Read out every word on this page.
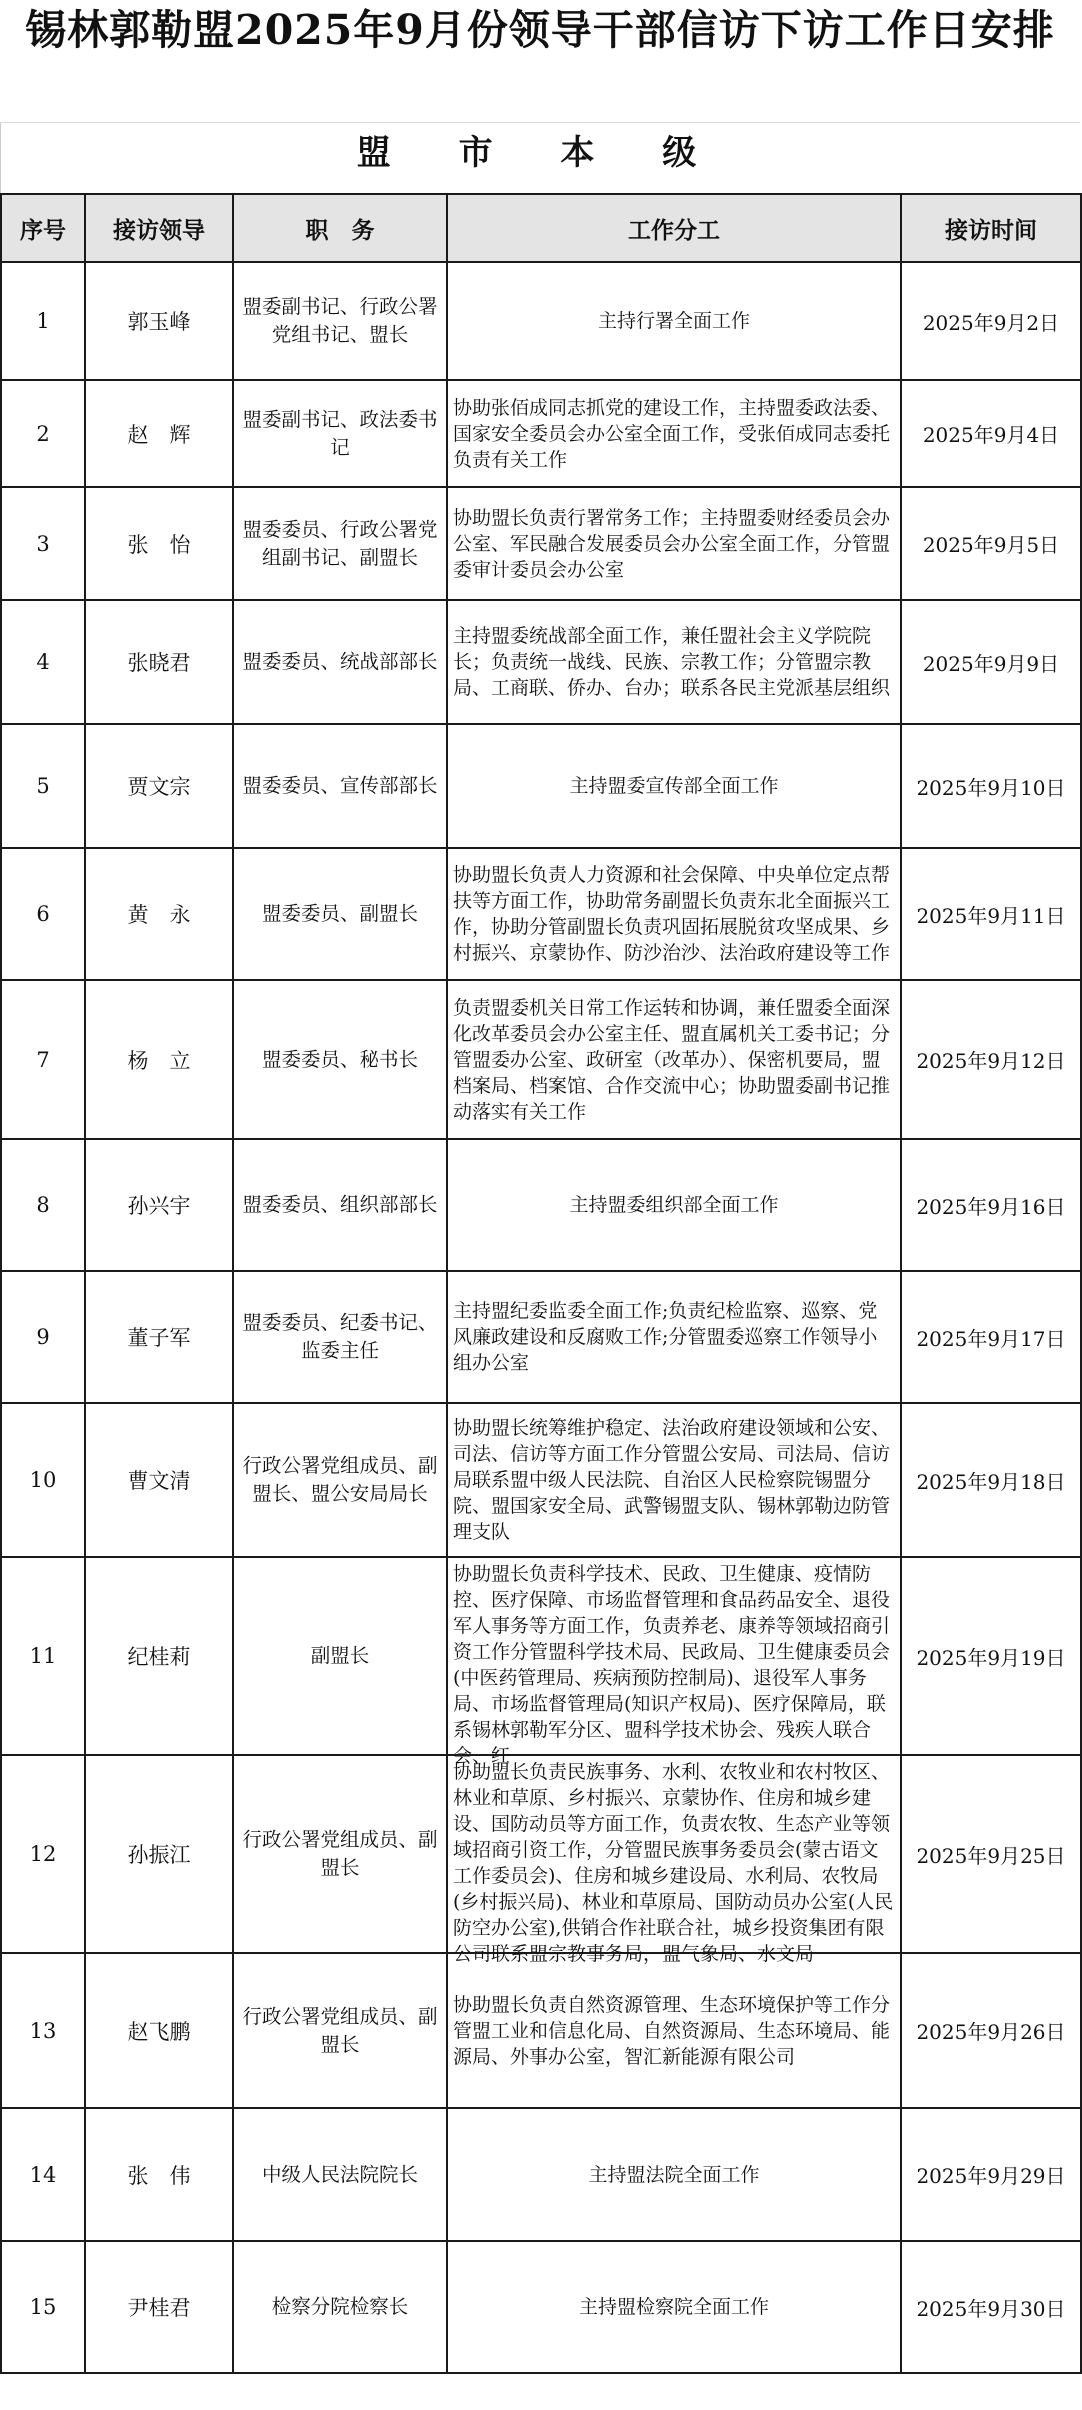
锡林郭勒盟2025年9月份领导干部信访下访工作日安排
盟 市 本 级
序号	接访领导	职　务	工作分工	接访时间

1	郭玉峰	盟委副书记、行政公署党组书记、盟长	主持行署全面工作	2025年9月2日

2	赵　辉	盟委副书记、政法委书记	协助张佰成同志抓党的建设工作，主持盟委政法委、国家安全委员会办公室全面工作，受张佰成同志委托负责有关工作	2025年9月4日

3	张　怡	盟委委员、行政公署党组副书记、副盟长	协助盟长负责行署常务工作；主持盟委财经委员会办公室、军民融合发展委员会办公室全面工作，分管盟委审计委员会办公室	2025年9月5日

4	张晓君	盟委委员、统战部部长	主持盟委统战部全面工作，兼任盟社会主义学院院长；负责统一战线、民族、宗教工作；分管盟宗教局、工商联、侨办、台办；联系各民主党派基层组织	2025年9月9日

5	贾文宗	盟委委员、宣传部部长	主持盟委宣传部全面工作	2025年9月10日

6	黄　永	盟委委员、副盟长	协助盟长负责人力资源和社会保障、中央单位定点帮扶等方面工作，协助常务副盟长负责东北全面振兴工作，协助分管副盟长负责巩固拓展脱贫攻坚成果、乡村振兴、京蒙协作、防沙治沙、法治政府建设等工作	2025年9月11日

7	杨　立	盟委委员、秘书长	负责盟委机关日常工作运转和协调，兼任盟委全面深化改革委员会办公室主任、盟直属机关工委书记；分管盟委办公室、政研室（改革办）、保密机要局，盟档案局、档案馆、合作交流中心；协助盟委副书记推动落实有关工作	2025年9月12日

8	孙兴宇	盟委委员、组织部部长	主持盟委组织部全面工作	2025年9月16日

9	董子军	盟委委员、纪委书记、监委主任	主持盟纪委监委全面工作;负责纪检监察、巡察、党风廉政建设和反腐败工作;分管盟委巡察工作领导小组办公室	2025年9月17日

10	曹文清	行政公署党组成员、副盟长、盟公安局局长	协助盟长统筹维护稳定、法治政府建设领域和公安、司法、信访等方面工作分管盟公安局、司法局、信访局联系盟中级人民法院、自治区人民检察院锡盟分院、盟国家安全局、武警锡盟支队、锡林郭勒边防管理支队	2025年9月18日

11	纪桂莉	副盟长	协助盟长负责科学技术、民政、卫生健康、疫情防控、医疗保障、市场监督管理和食品药品安全、退役军人事务等方面工作，负责养老、康养等领域招商引资工作分管盟科学技术局、民政局、卫生健康委员会(中医药管理局、疾病预防控制局)、退役军人事务局、市场监督管理局(知识产权局)、医疗保障局，联系锡林郭勒军分区、盟科学技术协会、残疾人联合会、红	2025年9月19日

12	孙振江	行政公署党组成员、副盟长	协助盟长负责民族事务、水利、农牧业和农村牧区、林业和草原、乡村振兴、京蒙协作、住房和城乡建设、国防动员等方面工作，负责农牧、生态产业等领域招商引资工作，分管盟民族事务委员会(蒙古语文工作委员会)、住房和城乡建设局、水利局、农牧局(乡村振兴局)、林业和草原局、国防动员办公室(人民防空办公室),供销合作社联合社，城乡投资集团有限公司联系盟宗教事务局，盟气象局、水文局	2025年9月25日

13	赵飞鹏	行政公署党组成员、副盟长	协助盟长负责自然资源管理、生态环境保护等工作分管盟工业和信息化局、自然资源局、生态环境局、能源局、外事办公室，智汇新能源有限公司	2025年9月26日

14	张　伟	中级人民法院院长	主持盟法院全面工作	2025年9月29日

15	尹桂君	检察分院检察长	主持盟检察院全面工作	2025年9月30日
